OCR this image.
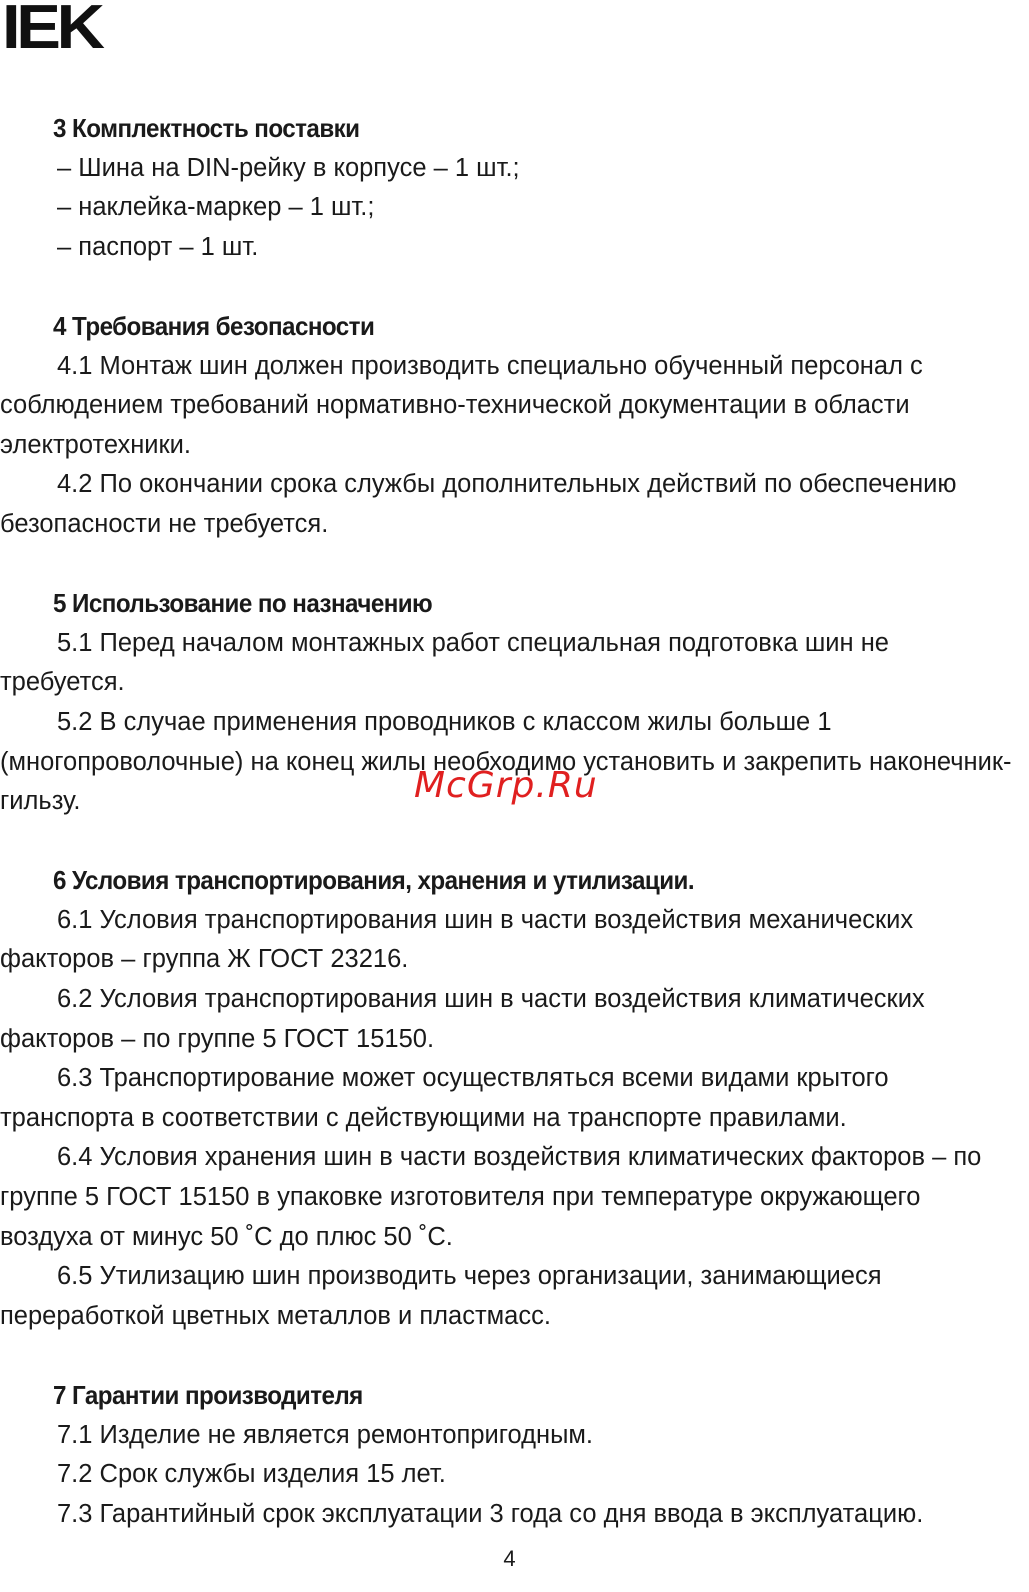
IEK

3 Комплектность поставки

– Шина на DIN-рейку в корпусе – 1 шт.;

– наклейка-маркер – 1 шт.;

– паспорт – 1 шт.

4 Требования безопасности

4.1 Монтаж шин должен производить специально обученный персонал с соблюдением требований нормативно-технической документации в области электротехники.

4.2 По окончании срока службы дополнительных действий по обеспечению безопасности не требуется.

5 Использование по назначению

5.1 Перед началом монтажных работ специальная подготовка шин не требуется.

5.2 В случае применения проводников с классом жилы больше 1 (многопроволочные) на конец жилы необходимо установить и закрепить наконечник-гильзу.

6 Условия транспортирования, хранения и утилизации.

6.1 Условия транспортирования шин в части воздействия механических факторов – группа Ж ГОСТ 23216.

6.2 Условия транспортирования шин в части воздействия климатических факторов – по группе 5 ГОСТ 15150.

6.3 Транспортирование может осуществляться всеми видами крытого транспорта в соответствии с действующими на транспорте правилами.

6.4 Условия хранения шин в части воздействия климатических факторов – по группе 5 ГОСТ 15150 в упаковке изготовителя при температуре окружающего воздуха от минус 50 ˚С до плюс 50 ˚С.

6.5 Утилизацию шин производить через организации, занимающиеся переработкой цветных металлов и пластмасс.

7 Гарантии производителя

7.1 Изделие не является ремонтопригодным.

7.2 Срок службы изделия 15 лет.

7.3 Гарантийный срок эксплуатации 3 года со дня ввода в эксплуатацию.

McGrp.Ru
4
